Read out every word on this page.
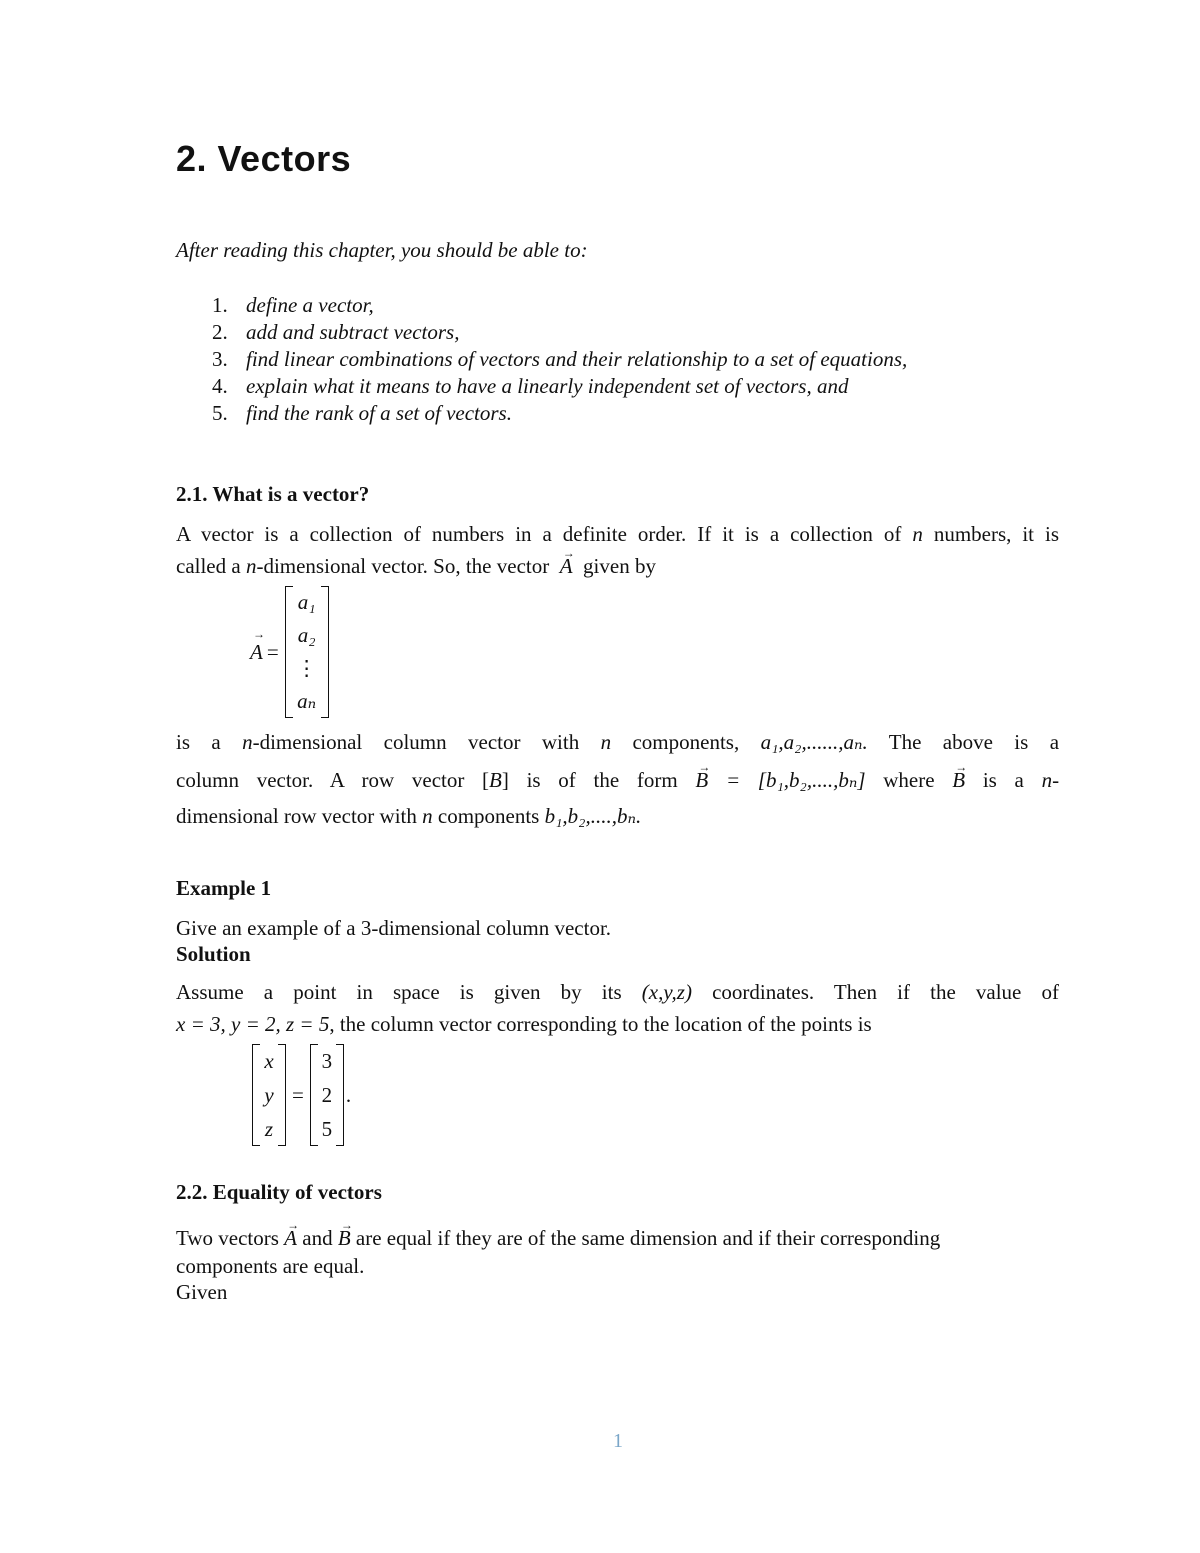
2. Vectors
After reading this chapter, you should be able to:
1. define a vector,
2. add and subtract vectors,
3. find linear combinations of vectors and their relationship to a set of equations,
4. explain what it means to have a linearly independent set of vectors, and
5. find the rank of a set of vectors.
2.1. What is a vector?
A vector is a collection of numbers in a definite order. If it is a collection of n numbers, it is
called a n-dimensional vector. So, the vector → A given by
→ A =
a₁
a₂
⋮
aₙ
is a n-dimensional column vector with n components, a₁,a₂,......,aₙ. The above is a
column vector. A row vector [B] is of the form → B = [b₁,b₂,....,bₙ] where → B is a n-
dimensional row vector with n components b₁,b₂,....,bₙ.
Example 1
Give an example of a 3-dimensional column vector.
Solution
Assume a point in space is given by its (x,y,z) coordinates. Then if the value of
x = 3, y = 2, z = 5, the column vector corresponding to the location of the points is
x
y
z
=
3
2
5
.
2.2. Equality of vectors
Two vectors → A and → B are equal if they are of the same dimension and if their corresponding
components are equal.
Given
1
